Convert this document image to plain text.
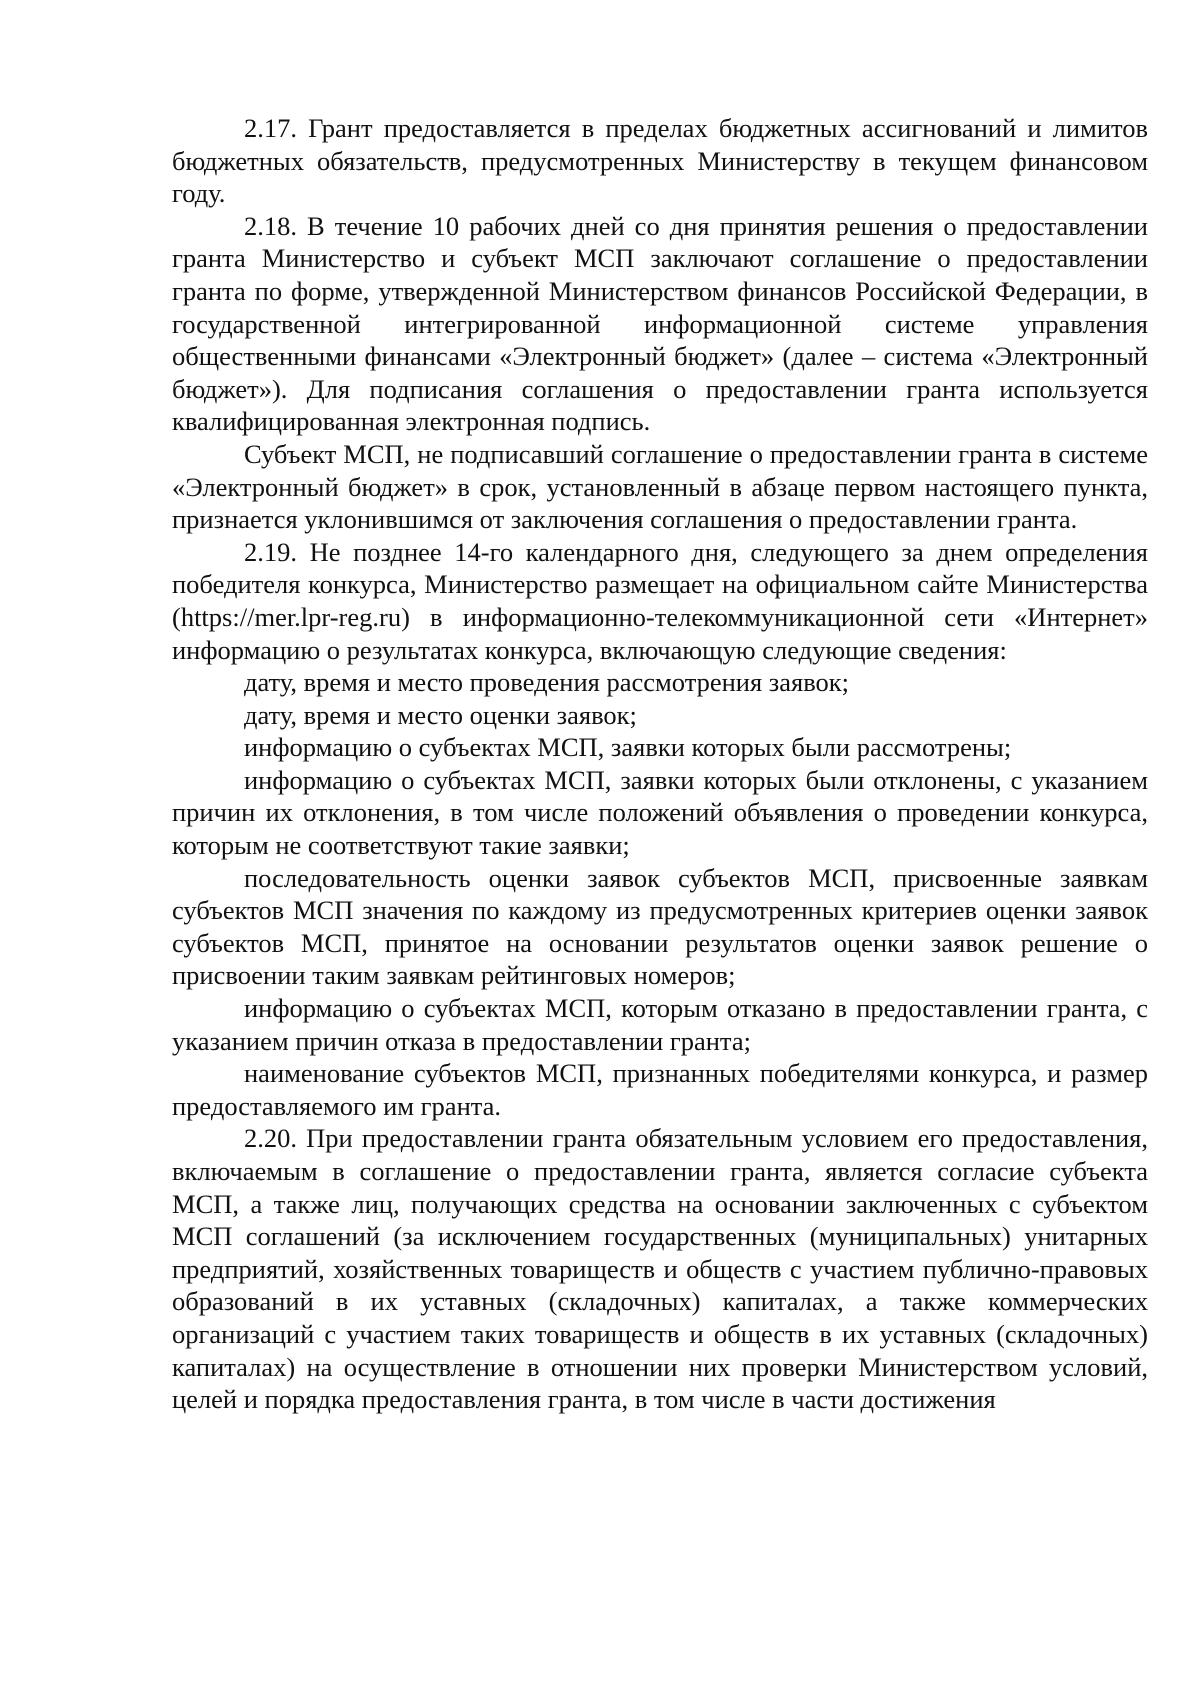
2.17. Грант предоставляется в пределах бюджетных ассигнований и лимитов бюджетных обязательств, предусмотренных Министерству в текущем финансовом году.

2.18. В течение 10 рабочих дней со дня принятия решения о предоставлении гранта Министерство и субъект МСП заключают соглашение о предоставлении гранта по форме, утвержденной Министерством финансов Российской Федерации, в государственной интегрированной информационной системе управления общественными финансами «Электронный бюджет» (далее – система «Электронный бюджет»). Для подписания соглашения о предоставлении гранта используется квалифицированная электронная подпись.

Субъект МСП, не подписавший соглашение о предоставлении гранта в системе «Электронный бюджет» в срок, установленный в абзаце первом настоящего пункта, признается уклонившимся от заключения соглашения о предоставлении гранта.

2.19. Не позднее 14-го календарного дня, следующего за днем определения победителя конкурса, Министерство размещает на официальном сайте Министерства (https://mer.lpr-reg.ru) в информационно-телекоммуникационной сети «Интернет» информацию о результатах конкурса, включающую следующие сведения:

дату, время и место проведения рассмотрения заявок;

дату, время и место оценки заявок;

информацию о субъектах МСП, заявки которых были рассмотрены;

информацию о субъектах МСП, заявки которых были отклонены, с указанием причин их отклонения, в том числе положений объявления о проведении конкурса, которым не соответствуют такие заявки;

последовательность оценки заявок субъектов МСП, присвоенные заявкам субъектов МСП значения по каждому из предусмотренных критериев оценки заявок субъектов МСП, принятое на основании результатов оценки заявок решение о присвоении таким заявкам рейтинговых номеров;

информацию о субъектах МСП, которым отказано в предоставлении гранта, с указанием причин отказа в предоставлении гранта;

наименование субъектов МСП, признанных победителями конкурса, и размер предоставляемого им гранта.

2.20. При предоставлении гранта обязательным условием его предоставления, включаемым в соглашение о предоставлении гранта, является согласие субъекта МСП, а также лиц, получающих средства на основании заключенных с субъектом МСП соглашений (за исключением государственных (муниципальных) унитарных предприятий, хозяйственных товариществ и обществ с участием публично-правовых образований в их уставных (складочных) капиталах, а также коммерческих организаций с участием таких товариществ и обществ в их уставных (складочных) капиталах) на осуществление в отношении них проверки Министерством условий, целей и порядка предоставления гранта, в том числе в части достижения
